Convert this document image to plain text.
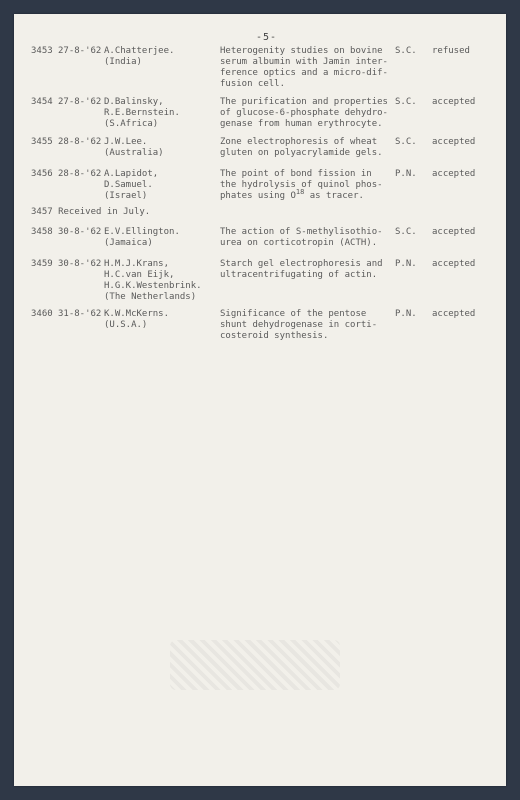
-5-
3453 27-8-'62 A.Chatterjee.
(India)
Heterogenity studies on bovine
serum albumin with Jamin inter-
ference optics and a micro-dif-
fusion cell.
S.C. refused
3454 27-8-'62 D.Balinsky,
R.E.Bernstein.
(S.Africa)
The purification and properties
of glucose-6-phosphate dehydro-
genase from human erythrocyte.
S.C. accepted
3455 28-8-'62 J.W.Lee.
(Australia)
Zone electrophoresis of wheat
gluten on polyacrylamide gels.
S.C. accepted
3456 28-8-'62 A.Lapidot,
D.Samuel.
(Israel)
The point of bond fission in
the hydrolysis of quinol phos-
phates using $O^{18}$ as tracer.
P.N. accepted
3457 Received in July.
3458 30-8-'62 E.V.Ellington.
(Jamaica)
The action of S-methylisothio-
urea on corticotropin (ACTH).
S.C. accepted
3459 30-8-'62 H.M.J.Krans,
H.C.van Eijk,
H.G.K.Westenbrink.
(The Netherlands)
Starch gel electrophoresis and
ultracentrifugating of actin.
P.N. accepted
3460 31-8-'62 K.W.McKerns.
(U.S.A.)
Significance of the pentose
shunt dehydrogenase in corti-
costeroid synthesis.
P.N. accepted
